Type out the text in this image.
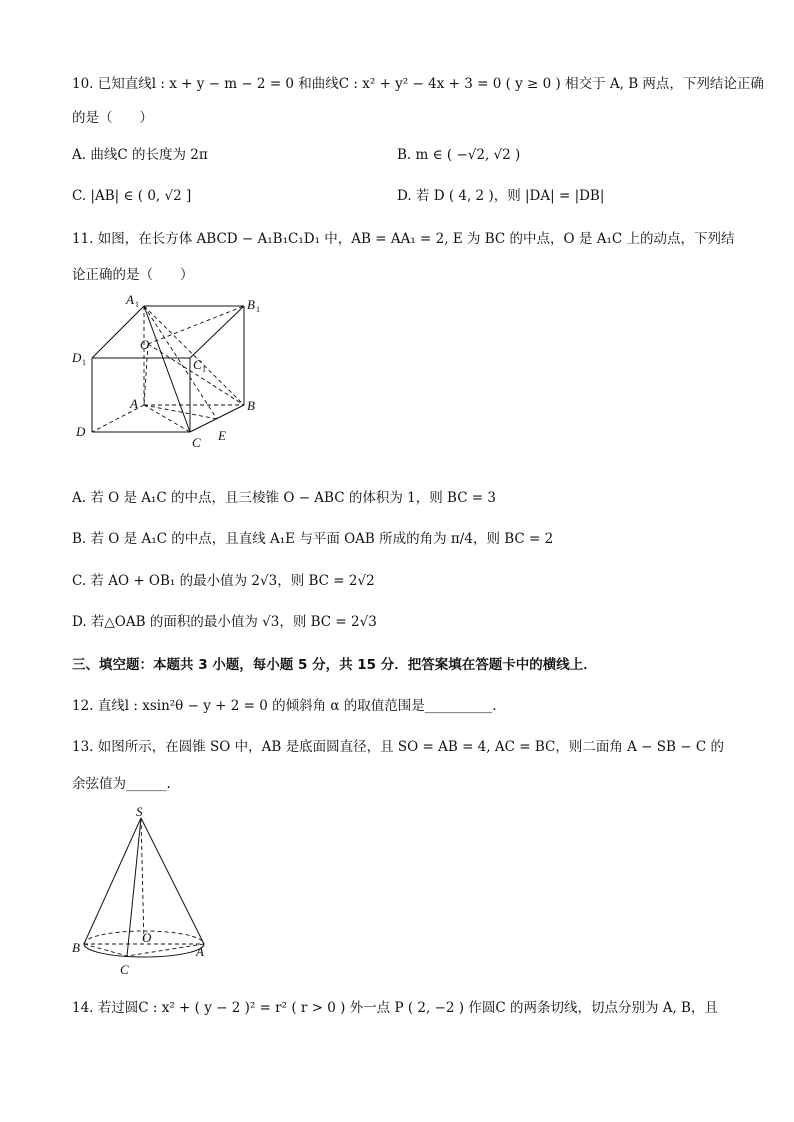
10. 已知直线l : x + y − m − 2 = 0 和曲线C : x² + y² − 4x + 3 = 0 ( y ≥ 0 ) 相交于 A, B 两点，下列结论正确
的是（　　）
A. 曲线C 的长度为 2π	B. m ∈ ( −√2, √2 )
C. |AB| ∈ ( 0, √2 ]	D. 若 D ( 4, 2 )，则 |DA| = |DB|
11. 如图，在长方体 ABCD − A₁B₁C₁D₁ 中，AB = AA₁ = 2, E 为 BC 的中点，O 是 A₁C 上的动点，下列结
论正确的是（　　）
A 1	B 1
D 1	C 1
O
A	B
E
D
C
A. 若 O 是 A₁C 的中点，且三棱锥 O − ABC 的体积为 1，则 BC = 3
B. 若 O 是 A₁C 的中点，且直线 A₁E 与平面 OAB 所成的角为 π/4，则 BC = 2
C. 若 AO + OB₁ 的最小值为 2√3，则 BC = 2√2
D. 若△OAB 的面积的最小值为 √3，则 BC = 2√3
三、填空题：本题共 3 小题，每小题 5 分，共 15 分．把答案填在答题卡中的横线上．
12. 直线l : xsin²θ − y + 2 = 0 的倾斜角 α 的取值范围是__________.
13. 如图所示，在圆锥 SO 中，AB 是底面圆直径，且 SO = AB = 4, AC = BC，则二面角 A − SB − C 的
余弦值为______.
S
O
B	A
C
14. 若过圆C : x² + ( y − 2 )² = r² ( r > 0 ) 外一点 P ( 2, −2 ) 作圆C 的两条切线，切点分别为 A, B，且
